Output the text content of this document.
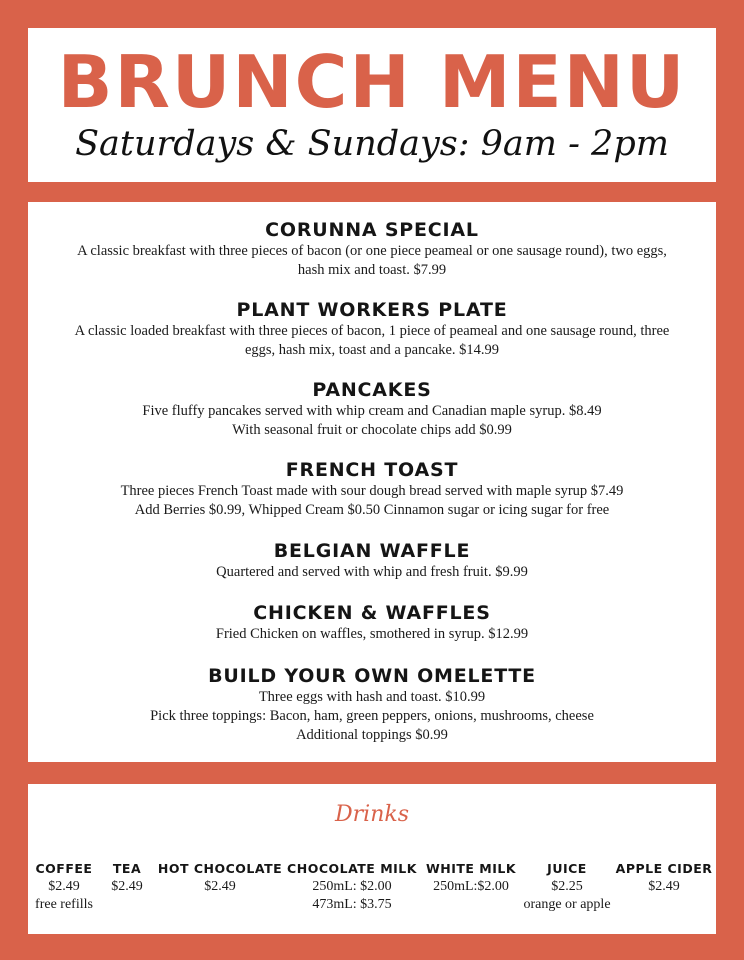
BRUNCH MENU
Saturdays & Sundays: 9am - 2pm
CORUNNA SPECIAL
A classic breakfast with three pieces of bacon (or one piece peameal or one sausage round), two eggs,
hash mix and toast. $7.99
PLANT WORKERS PLATE
A classic loaded breakfast with three pieces of bacon, 1 piece of peameal and one sausage round, three
eggs, hash mix, toast and a pancake. $14.99
PANCAKES
Five fluffy pancakes served with whip cream and Canadian maple syrup. $8.49
With seasonal fruit or chocolate chips add $0.99
FRENCH TOAST
Three pieces French Toast made with sour dough bread served with maple syrup $7.49
Add Berries $0.99, Whipped Cream $0.50 Cinnamon sugar or icing sugar for free
BELGIAN WAFFLE
Quartered and served with whip and fresh fruit. $9.99
CHICKEN & WAFFLES
Fried Chicken on waffles, smothered in syrup. $12.99
BUILD YOUR OWN OMELETTE
Three eggs with hash and toast. $10.99
Pick three toppings: Bacon, ham, green peppers, onions, mushrooms, cheese
Additional toppings $0.99
Drinks
COFFEE
$2.49
free refills
TEA
$2.49
HOT CHOCOLATE
$2.49
CHOCOLATE MILK
250mL: $2.00
473mL: $3.75
WHITE MILK
250mL:$2.00
JUICE
$2.25
orange or apple
APPLE CIDER
$2.49
